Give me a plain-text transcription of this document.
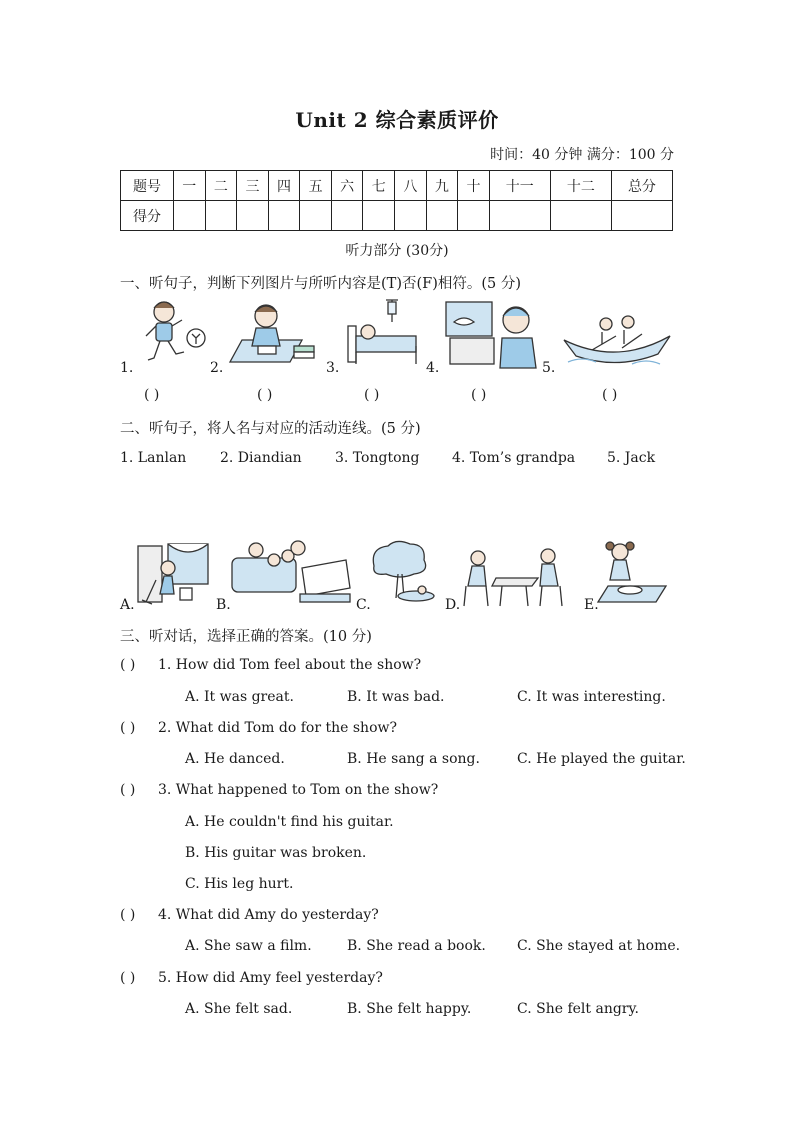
Unit 2 综合素质评价
时间：40 分钟 满分：100 分
题号	一	二	三	四	五	六	七	八	九	十	十一	十二	总分
得分													
听力部分 (30分)
一、听句子，判断下列图片与所听内容是(T)否(F)相符。(5 分)
1.	2.	3.	4.	5.
( )	( )	( )	( )	( )
二、听句子，将人名与对应的活动连线。(5 分)
1. Lanlan 2. Diandian 3. Tongtong 4. Tom’s grandpa 5. Jack
A.	B.	C.	D.	E.
三、听对话，选择正确的答案。(10 分)
( ) 1. How did Tom feel about the show?
A. It was great.	B. It was bad.	C. It was interesting.
( ) 2. What did Tom do for the show?
A. He danced.	B. He sang a song.	C. He played the guitar.
( ) 3. What happened to Tom on the show?
A. He couldn't find his guitar.
B. His guitar was broken.
C. His leg hurt.
( ) 4. What did Amy do yesterday?
A. She saw a film.	B. She read a book. C. She stayed at home.
( ) 5. How did Amy feel yesterday?
A. She felt sad.	B. She felt happy.	C. She felt angry.
